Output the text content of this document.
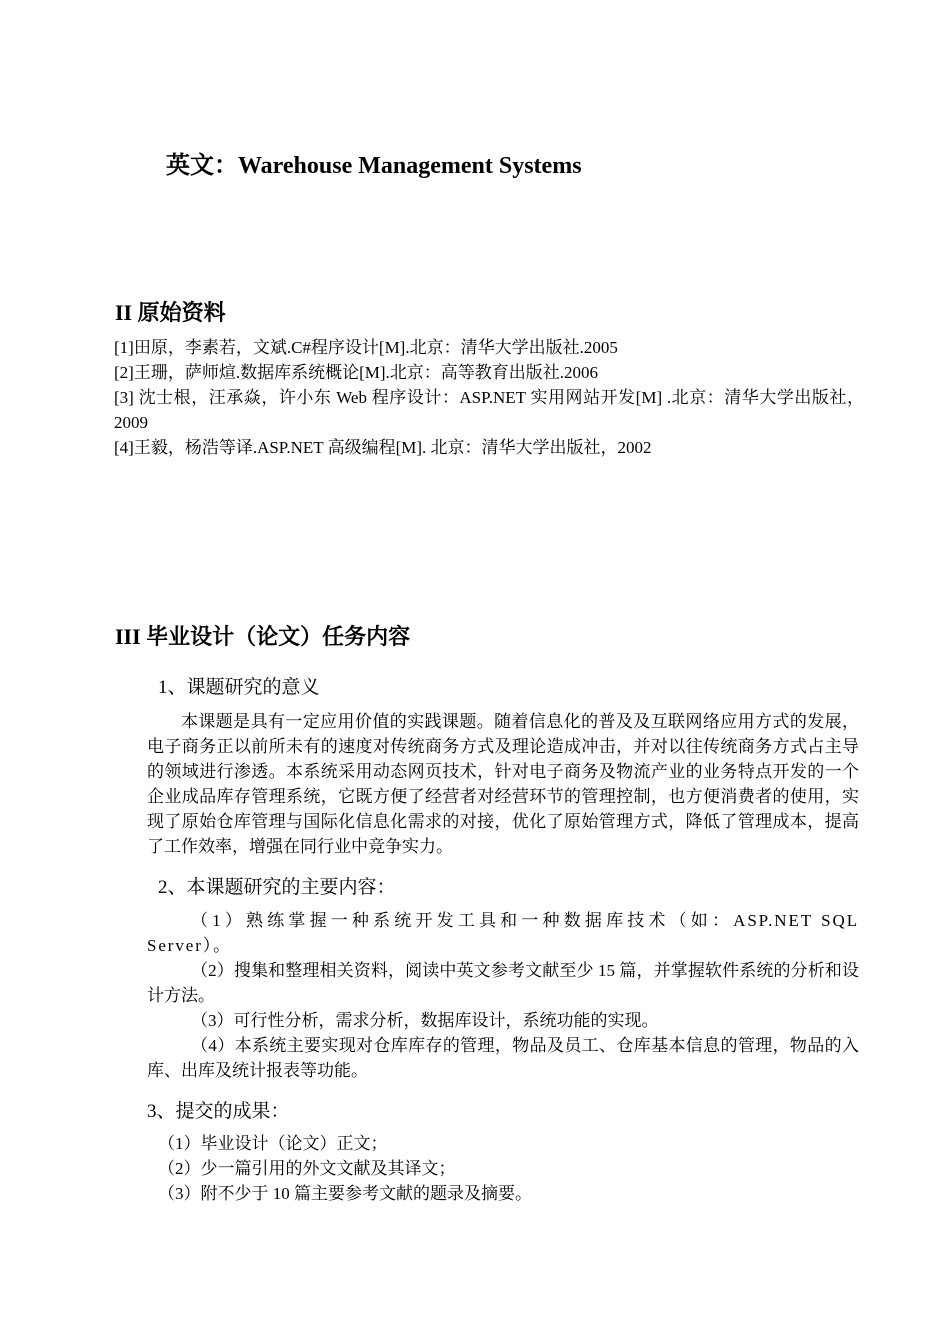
英文：Warehouse Management Systems
II 原始资料
[1]田原，李素若，文斌.C#程序设计[M].北京：清华大学出版社.2005
[2]王珊，萨师煊.数据库系统概论[M].北京：高等教育出版社.2006
[3] 沈士根，汪承焱，许小东 Web 程序设计：ASP.NET 实用网站开发[M] .北京：清华大学出版社，2009
[4]王毅，杨浩等译.ASP.NET 高级编程[M]. 北京：清华大学出版社，2002
III 毕业设计（论文）任务内容
1、课题研究的意义
本课题是具有一定应用价值的实践课题。随着信息化的普及及互联网络应用方式的发展，电子商务正以前所未有的速度对传统商务方式及理论造成冲击，并对以往传统商务方式占主导的领域进行渗透。本系统采用动态网页技术，针对电子商务及物流产业的业务特点开发的一个企业成品库存管理系统，它既方便了经营者对经营环节的管理控制，也方便消费者的使用，实现了原始仓库管理与国际化信息化需求的对接，优化了原始管理方式，降低了管理成本，提高了工作效率，增强在同行业中竞争实力。
2、本课题研究的主要内容：
（1）熟练掌握一种系统开发工具和一种数据库技术（如：ASP.NET SQL Server）。
（2）搜集和整理相关资料，阅读中英文参考文献至少 15 篇，并掌握软件系统的分析和设计方法。
（3）可行性分析，需求分析，数据库设计，系统功能的实现。
（4）本系统主要实现对仓库库存的管理，物品及员工、仓库基本信息的管理，物品的入库、出库及统计报表等功能。
3、提交的成果：
（1）毕业设计（论文）正文；
（2）少一篇引用的外文文献及其译文；
（3）附不少于 10 篇主要参考文献的题录及摘要。
